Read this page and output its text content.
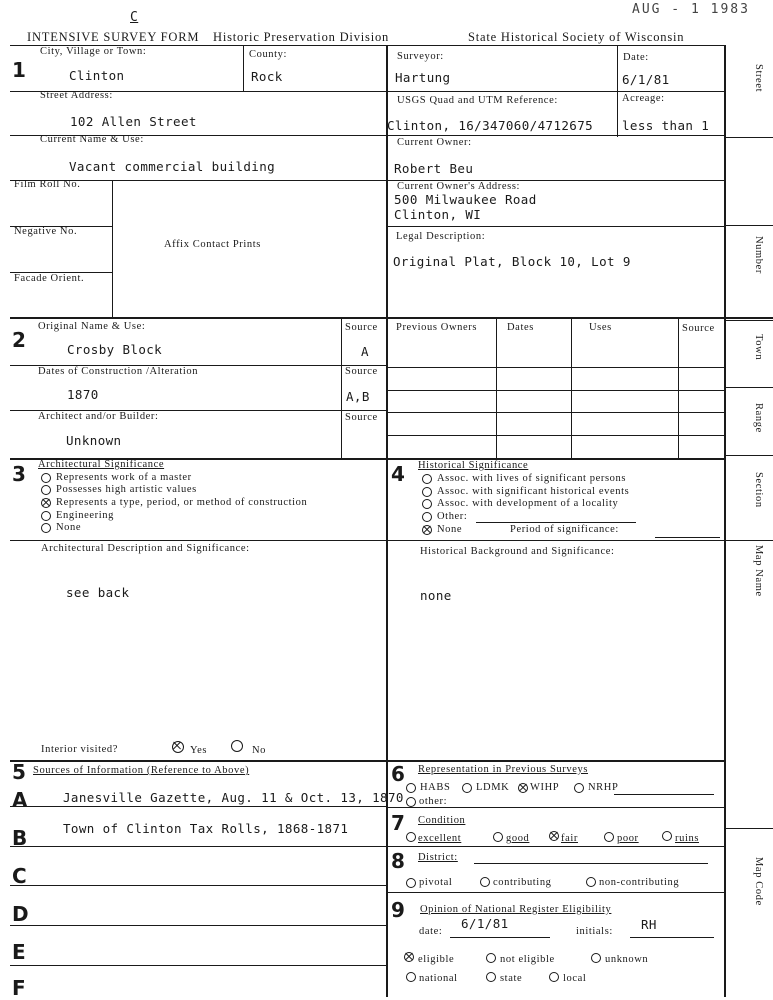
C
AUG - 1 1983
INTENSIVE SURVEY FORM Historic Preservation Division	State Historical Society of Wisconsin
1
2
3	4
5	6
7
8
9
City, Village or Town:
Clinton
County:
Rock
Surveyor:
Hartung
Date:
6/1/81
Street Address:
102 Allen Street
USGS Quad and UTM Reference:
Clinton, 16/347060/4712675
Acreage:
less than 1
Current Name & Use:
Vacant commercial building
Current Owner:
Robert Beu
Film Roll No.	Current Owner's Address:
500 Milwaukee Road
Clinton, WI
Negative No.
Affix Contact Prints
Legal Description:
Original Plat, Block 10, Lot 9
Facade Orient.
Original Name & Use:
Crosby Block
Source
A
Dates of Construction /Alteration
1870
Source
A,B
Architect and/or Builder:
Unknown
Source
Previous Owners	Dates	Uses	Source
Architectural Significance
Represents work of a master
Possesses high artistic values
Represents a type, period, or method of construction
Engineering
None
Architectural Description and Significance:
see back
Interior visited?	Yes	No
Historical Significance
Assoc. with lives of significant persons
Assoc. with significant historical events
Assoc. with development of a locality
Other:
None	Period of significance:
Historical Background and Significance:
none
Sources of Information (Reference to Above)
A	Janesville Gazette, Aug. 11 & Oct. 13, 1870
B	Town of Clinton Tax Rolls, 1868-1871
C
D
E
F
Representation in Previous Surveys
HABS LDMK WIHP	NRHP
other:
Condition
excellent	good	fair	poor	ruins
District:
pivotal	contributing	non-contributing
Opinion of National Register Eligibility
date:
6/1/81
initials: RH
eligible	not eligible	unknown
national	state	local
Street
Number
Town
Range
Section
Map Name
Map Code
